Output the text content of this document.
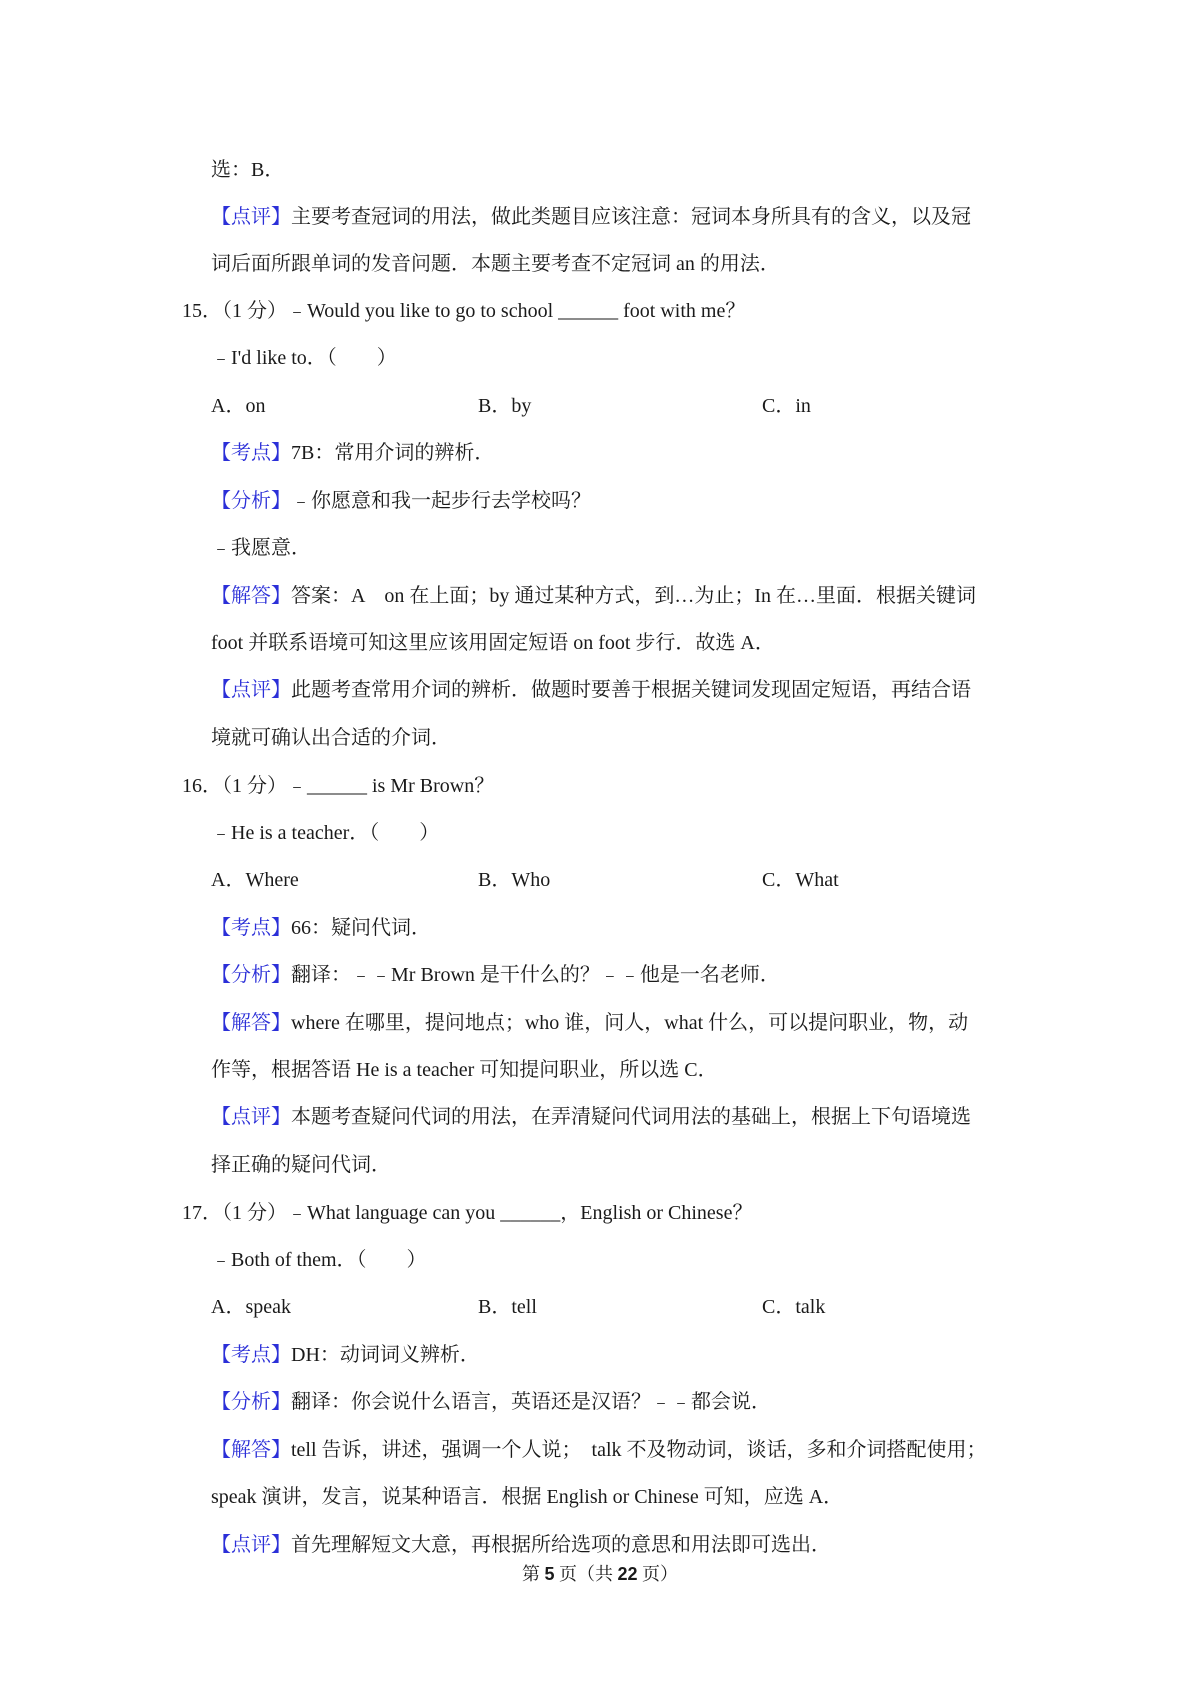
选：B．
【点评】主要考查冠词的用法，做此类题目应该注意：冠词本身所具有的含义，以及冠
词后面所跟单词的发音问题．本题主要考查不定冠词 an 的用法．
15．（1 分）﹣Would you like to go to school ______ foot with me？
﹣I'd like to．（　　）
A．on	B．by	C．in
【考点】7B：常用介词的辨析．
【分析】﹣你愿意和我一起步行去学校吗？
﹣我愿意．
【解答】答案：A　on 在上面；by 通过某种方式，到…为止；In 在…里面．根据关键词
foot 并联系语境可知这里应该用固定短语 on foot 步行．故选 A．
【点评】此题考查常用介词的辨析．做题时要善于根据关键词发现固定短语，再结合语
境就可确认出合适的介词．
16．（1 分）﹣______ is Mr Brown？
﹣He is a teacher．（　　）
A．Where	B．Who	C．What
【考点】66：疑问代词．
【分析】翻译：﹣﹣Mr Brown 是干什么的？﹣﹣他是一名老师．
【解答】where 在哪里，提问地点；who 谁，问人，what 什么，可以提问职业，物，动
作等，根据答语 He is a teacher 可知提问职业，所以选 C．
【点评】本题考查疑问代词的用法，在弄清疑问代词用法的基础上，根据上下句语境选
择正确的疑问代词．
17．（1 分）﹣What language can you ______，English or Chinese？
﹣Both of them．（　　）
A．speak	B．tell	C．talk
【考点】DH：动词词义辨析．
【分析】翻译：你会说什么语言，英语还是汉语？﹣﹣都会说．
【解答】tell 告诉，讲述，强调一个人说；　talk 不及物动词，谈话，多和介词搭配使用；
speak 演讲，发言，说某种语言．根据 English or Chinese 可知，应选 A．
【点评】首先理解短文大意，再根据所给选项的意思和用法即可选出．
第 5 页（共 22 页）
